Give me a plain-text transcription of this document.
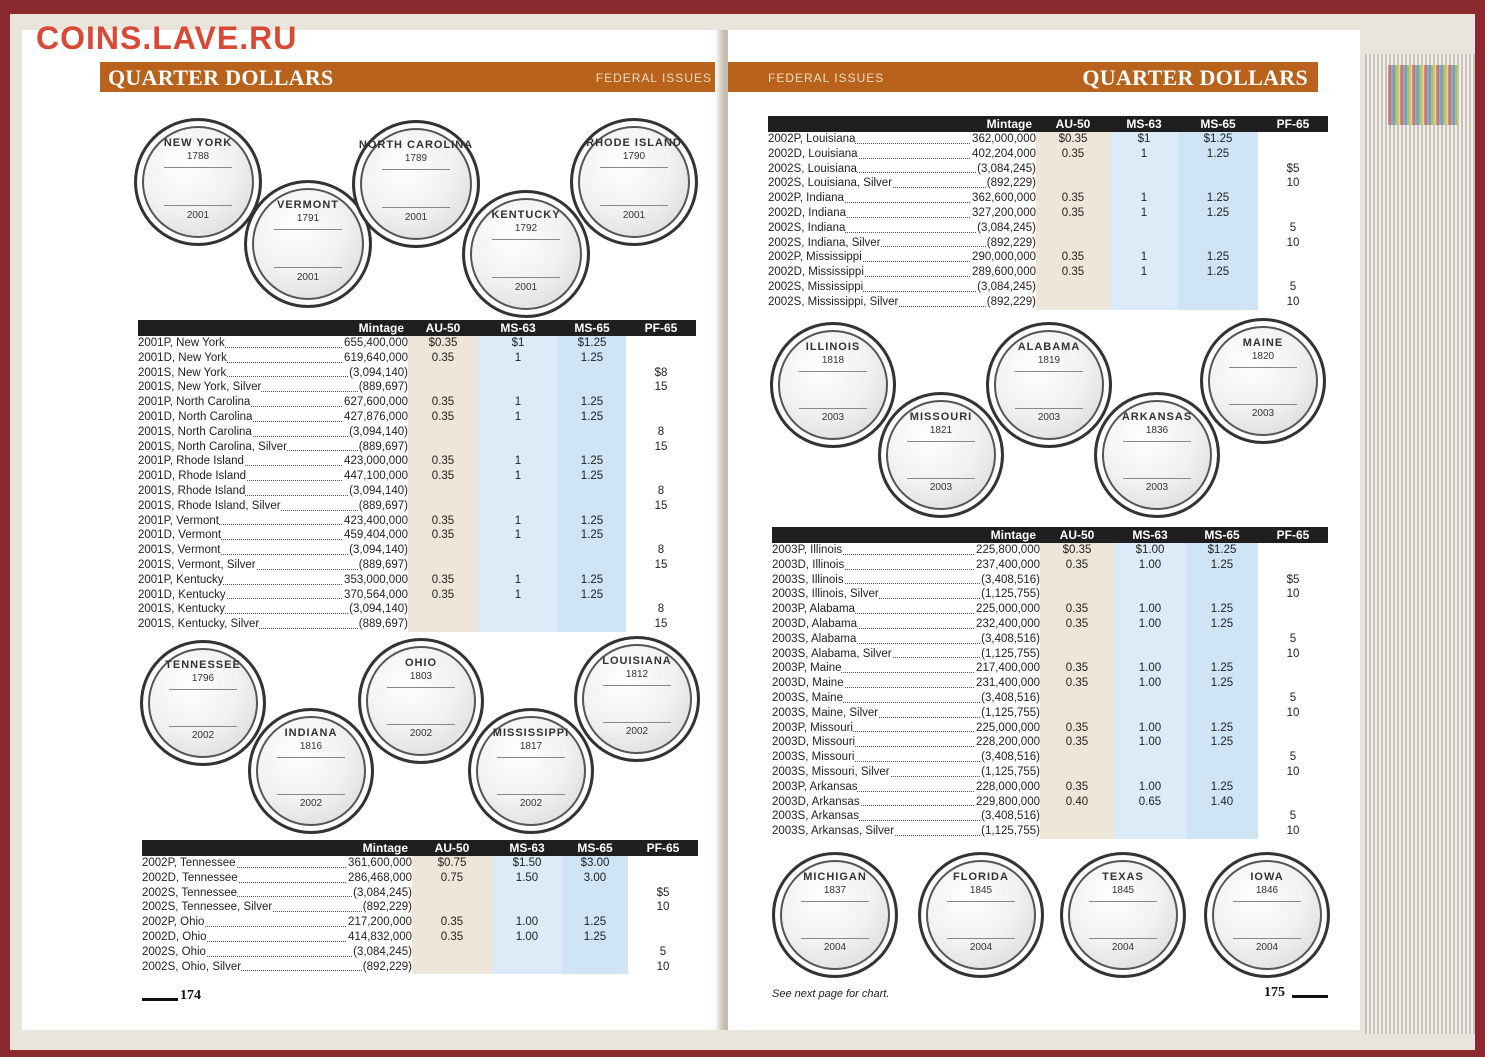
QUARTER DOLLARS	FEDERAL ISSUES
NEW YORK
1788
2001
VERMONT
1791
2001
NORTH CAROLINA
1789
2001	KENTUCKY
1792
2001
RHODE ISLAND
1790
2001
Mintage	AU-50	MS-63	MS-65	PF-65

2001P, New York 655,400,000	$0.35	$1	$1.25	

2001D, New York 619,640,000	0.35	1	1.25	

2001S, New York (3,094,140)				$8

2001S, New York, Silver (889,697)				15

2001P, North Carolina 627,600,000	0.35	1	1.25	

2001D, North Carolina 427,876,000	0.35	1	1.25	

2001S, North Carolina (3,094,140)				8

2001S, North Carolina, Silver (889,697)				15

2001P, Rhode Island 423,000,000	0.35	1	1.25	

2001D, Rhode Island 447,100,000	0.35	1	1.25	

2001S, Rhode Island (3,094,140)				8

2001S, Rhode Island, Silver (889,697)				15

2001P, Vermont 423,400,000	0.35	1	1.25	

2001D, Vermont 459,404,000	0.35	1	1.25	

2001S, Vermont (3,094,140)				8

2001S, Vermont, Silver (889,697)				15

2001P, Kentucky 353,000,000	0.35	1	1.25	

2001D, Kentucky 370,564,000	0.35	1	1.25	

2001S, Kentucky (3,094,140)				8

2001S, Kentucky, Silver (889,697)				15
TENNESSEE
1796
2002	INDIANA
1816
2002
OHIO
1803
2002	MISSISSIPPI
1817
2002
LOUISIANA
1812
2002
Mintage	AU-50	MS-63	MS-65	PF-65

2002P, Tennessee 361,600,000	$0.75	$1.50	$3.00	

2002D, Tennessee 286,468,000	0.75	1.50	3.00	

2002S, Tennessee (3,084,245)				$5

2002S, Tennessee, Silver (892,229)				10

2002P, Ohio 217,200,000	0.35	1.00	1.25	

2002D, Ohio 414,832,000	0.35	1.00	1.25	

2002S, Ohio (3,084,245)				5

2002S, Ohio, Silver (892,229)				10
174
FEDERAL ISSUES	QUARTER DOLLARS
Mintage	AU-50	MS-63	MS-65	PF-65

2002P, Louisiana 362,000,000	$0.35	$1	$1.25	

2002D, Louisiana 402,204,000	0.35	1	1.25	

2002S, Louisiana (3,084,245)				$5

2002S, Louisiana, Silver (892,229)				10

2002P, Indiana 362,600,000	0.35	1	1.25	

2002D, Indiana 327,200,000	0.35	1	1.25	

2002S, Indiana (3,084,245)				5

2002S, Indiana, Silver (892,229)				10

2002P, Mississippi 290,000,000	0.35	1	1.25	

2002D, Mississippi 289,600,000	0.35	1	1.25	

2002S, Mississippi (3,084,245)				5

2002S, Mississippi, Silver (892,229)				10
ILLINOIS
1818
2003	MISSOURI
1821
2003
ALABAMA
1819
2003	ARKANSAS
1836
2003
MAINE
1820
2003
Mintage	AU-50	MS-63	MS-65	PF-65

2003P, Illinois 225,800,000	$0.35	$1.00	$1.25	

2003D, Illinois 237,400,000	0.35	1.00	1.25	

2003S, Illinois (3,408,516)				$5

2003S, Illinois, Silver (1,125,755)				10

2003P, Alabama 225,000,000	0.35	1.00	1.25	

2003D, Alabama 232,400,000	0.35	1.00	1.25	

2003S, Alabama (3,408,516)				5

2003S, Alabama, Silver (1,125,755)				10

2003P, Maine 217,400,000	0.35	1.00	1.25	

2003D, Maine 231,400,000	0.35	1.00	1.25	

2003S, Maine (3,408,516)				5

2003S, Maine, Silver (1,125,755)				10

2003P, Missouri 225,000,000	0.35	1.00	1.25	

2003D, Missouri 228,200,000	0.35	1.00	1.25	

2003S, Missouri (3,408,516)				5

2003S, Missouri, Silver (1,125,755)				10

2003P, Arkansas 228,000,000	0.35	1.00	1.25	

2003D, Arkansas 229,800,000	0.40	0.65	1.40	

2003S, Arkansas (3,408,516)				5

2003S, Arkansas, Silver (1,125,755)				10
MICHIGAN
1837
2004
FLORIDA
1845
2004
TEXAS
1845
2004
IOWA
1846
2004
See next page for chart.	175
COINS.LAVE.RU
